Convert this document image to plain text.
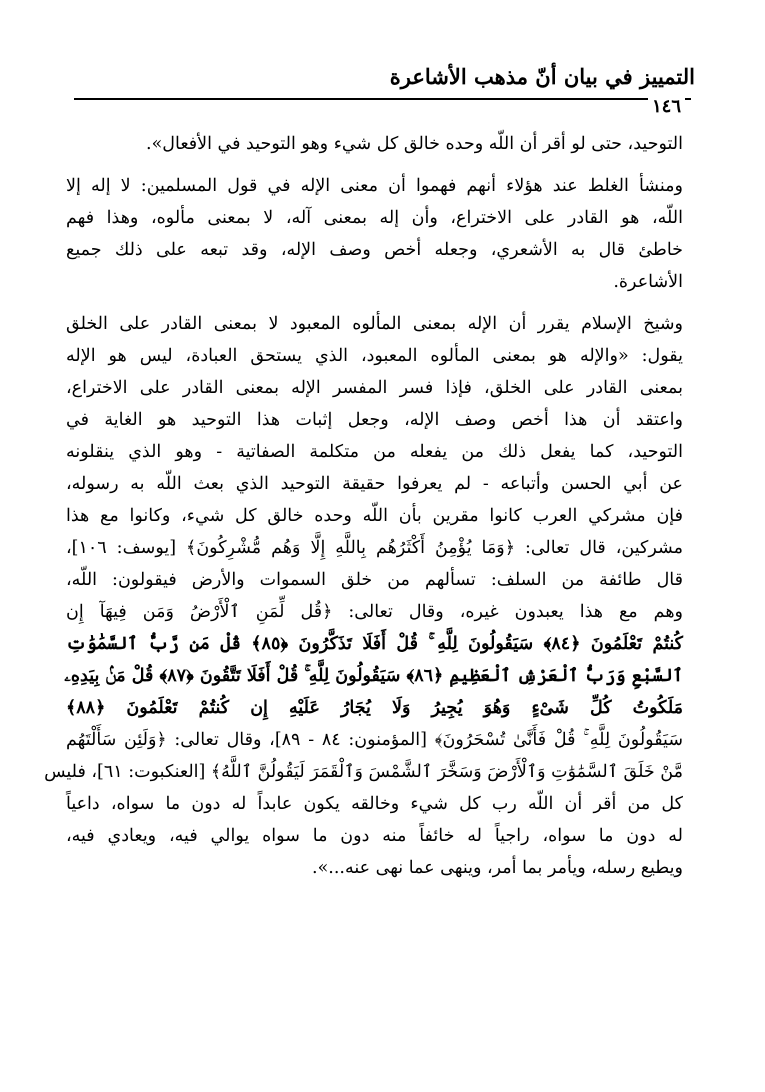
التمييز في بيان أنّ مذهب الأشاعرة
١٤٦
التوحيد، حتى لو أقر أن اللّه وحده خالق كل شيء وهو التوحيد في الأفعال».
ومنشأ الغلط عند هؤلاء أنهم فهموا أن معنى الإله في قول المسلمين: لا إله إلا
اللّه، هو القادر على الاختراع، وأن إله بمعنى آله، لا بمعنى مألوه، وهذا فهم
خاطئ قال به الأشعري، وجعله أخص وصف الإله، وقد تبعه على ذلك جميع
الأشاعرة.
وشيخ الإسلام يقرر أن الإله بمعنى المألوه المعبود لا بمعنى القادر على الخلق
يقول: «والإله هو بمعنى المألوه المعبود، الذي يستحق العبادة، ليس هو الإله
بمعنى القادر على الخلق، فإذا فسر المفسر الإله بمعنى القادر على الاختراع،
واعتقد أن هذا أخص وصف الإله، وجعل إثبات هذا التوحيد هو الغاية في
التوحيد، كما يفعل ذلك من يفعله من متكلمة الصفاتية - وهو الذي ينقلونه
عن أبي الحسن وأتباعه - لم يعرفوا حقيقة التوحيد الذي بعث اللّه به رسوله،
فإن مشركي العرب كانوا مقرين بأن اللّه وحده خالق كل شيء، وكانوا مع هذا
مشركين، قال تعالى: ﴿وَمَا يُؤْمِنُ أَكْثَرُهُم بِاللَّهِ إِلَّا وَهُم مُّشْرِكُونَ﴾ [يوسف: ١٠٦]،
قال طائفة من السلف: تسألهم من خلق السموات والأرض فيقولون: اللّه،
وهم مع هذا يعبدون غيره، وقال تعالى: ﴿قُل لِّمَنِ ٱلْأَرْضُ وَمَن فِيهَآ إِن
كُنتُمْ تَعْلَمُونَ ﴿٨٤﴾ سَيَقُولُونَ لِلَّهِ ۚ قُلْ أَفَلَا تَذَكَّرُونَ ﴿٨٥﴾ قُلْ مَن رَّبُّ ٱلسَّمَٰوَٰتِ
ٱلسَّبْعِ وَرَبُّ ٱلْعَرْشِ ٱلْعَظِيمِ ﴿٨٦﴾ سَيَقُولُونَ لِلَّهِ ۚ قُلْ أَفَلَا تَتَّقُونَ ﴿٨٧﴾ قُلْ مَنۢ بِيَدِهِۦ
مَلَكُوتُ كُلِّ شَىْءٍ وَهُوَ يُجِيرُ وَلَا يُجَارُ عَلَيْهِ إِن كُنتُمْ تَعْلَمُونَ ﴿٨٨﴾
سَيَقُولُونَ لِلَّهِ ۚ قُلْ فَأَنَّىٰ تُسْحَرُونَ﴾ [المؤمنون: ٨٤ - ٨٩]، وقال تعالى: ﴿وَلَئِن سَأَلْتَهُم
مَّنْ خَلَقَ ٱلسَّمَٰوَٰتِ وَٱلْأَرْضَ وَسَخَّرَ ٱلشَّمْسَ وَٱلْقَمَرَ لَيَقُولُنَّ ٱللَّهُ﴾ [العنكبوت: ٦١]، فليس
كل من أقر أن اللّه رب كل شيء وخالقه يكون عابداً له دون ما سواه، داعياً
له دون ما سواه، راجياً له خائفاً منه دون ما سواه يوالي فيه، ويعادي فيه،
ويطيع رسله، ويأمر بما أمر، وينهى عما نهى عنه...».
